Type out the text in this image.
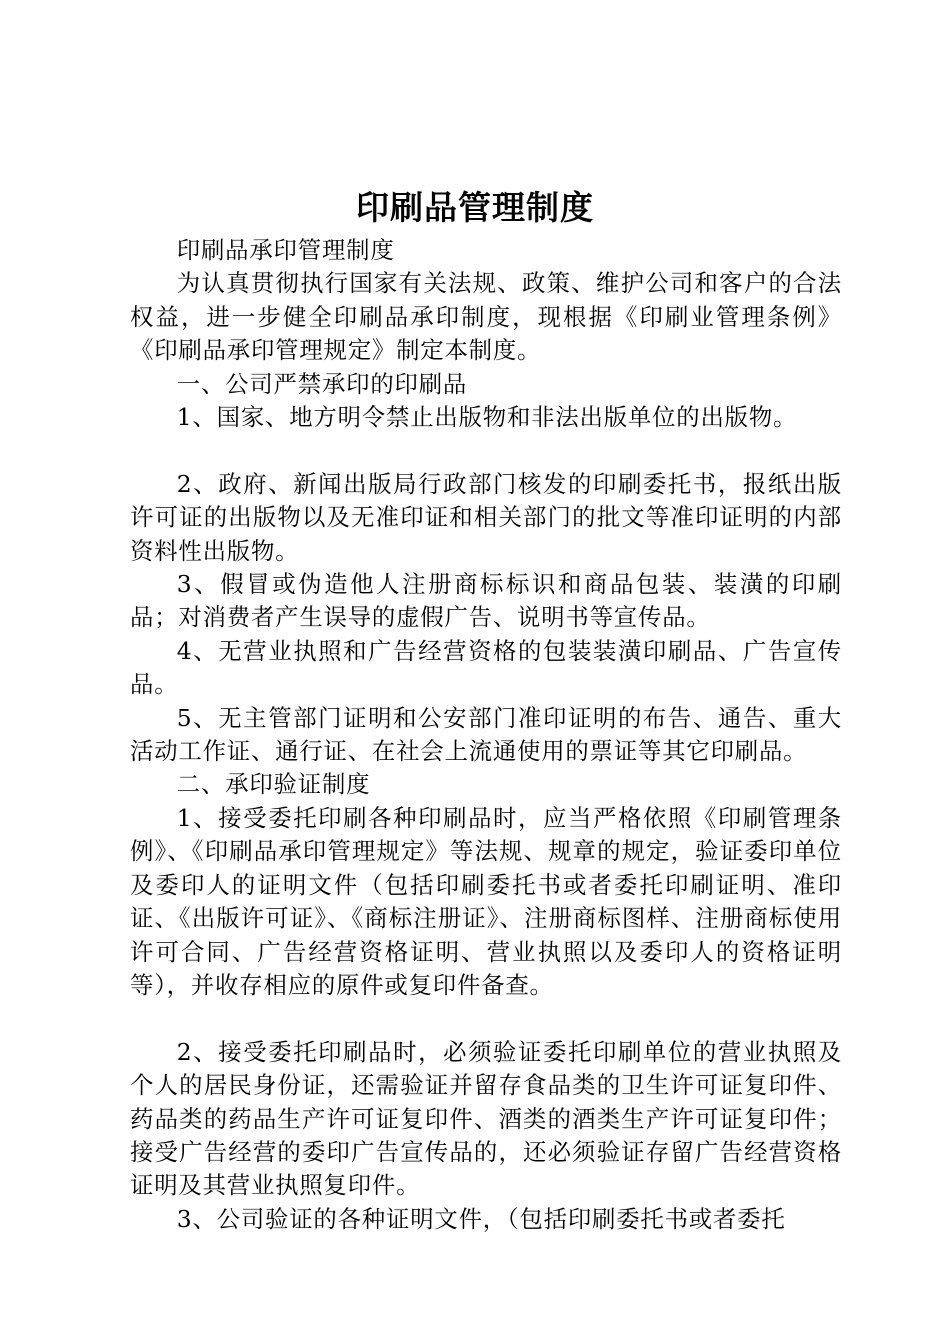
印刷品管理制度

印刷品承印管理制度

为认真贯彻执行国家有关法规、政策、维护公司和客户的合法权益，进一步健全印刷品承印制度，现根据《印刷业管理条例》《印刷品承印管理规定》制定本制度。

一、公司严禁承印的印刷品

1、国家、地方明令禁止出版物和非法出版单位的出版物。

2、政府、新闻出版局行政部门核发的印刷委托书，报纸出版许可证的出版物以及无准印证和相关部门的批文等准印证明的内部资料性出版物。

3、假冒或伪造他人注册商标标识和商品包装、装潢的印刷品；对消费者产生误导的虚假广告、说明书等宣传品。

4、无营业执照和广告经营资格的包装装潢印刷品、广告宣传品。

5、无主管部门证明和公安部门准印证明的布告、通告、重大活动工作证、通行证、在社会上流通使用的票证等其它印刷品。

二、承印验证制度

1、接受委托印刷各种印刷品时，应当严格依照《印刷管理条例》、《印刷品承印管理规定》等法规、规章的规定，验证委印单位及委印人的证明文件（包括印刷委托书或者委托印刷证明、准印证、《出版许可证》、《商标注册证》、注册商标图样、注册商标使用许可合同、广告经营资格证明、营业执照以及委印人的资格证明等），并收存相应的原件或复印件备查。

2、接受委托印刷品时，必须验证委托印刷单位的营业执照及个人的居民身份证，还需验证并留存食品类的卫生许可证复印件、药品类的药品生产许可证复印件、酒类的酒类生产许可证复印件；接受广告经营的委印广告宣传品的，还必须验证存留广告经营资格证明及其营业执照复印件。

3、公司验证的各种证明文件，（包括印刷委托书或者委托
